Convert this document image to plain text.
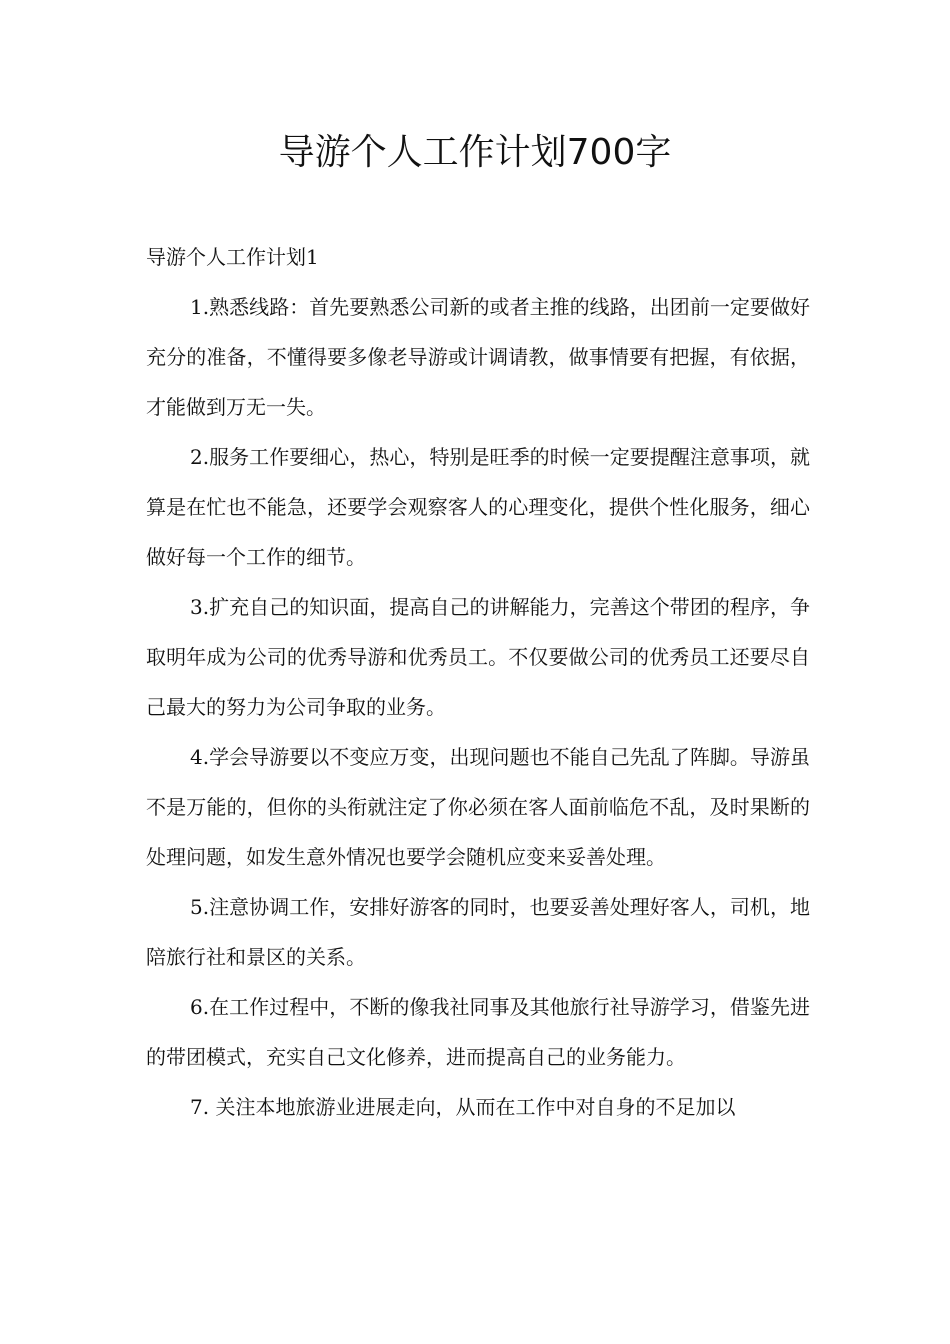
导游个人工作计划700字

导游个人工作计划1

1.熟悉线路：首先要熟悉公司新的或者主推的线路，出团前一定要做好充分的准备，不懂得要多像老导游或计调请教，做事情要有把握，有依据，才能做到万无一失。

2.服务工作要细心，热心，特别是旺季的时候一定要提醒注意事项，就算是在忙也不能急，还要学会观察客人的心理变化，提供个性化服务，细心做好每一个工作的细节。

3.扩充自己的知识面，提高自己的讲解能力，完善这个带团的程序，争取明年成为公司的优秀导游和优秀员工。不仅要做公司的优秀员工还要尽自己最大的努力为公司争取的业务。

4.学会导游要以不变应万变，出现问题也不能自己先乱了阵脚。导游虽不是万能的，但你的头衔就注定了你必须在客人面前临危不乱，及时果断的处理问题，如发生意外情况也要学会随机应变来妥善处理。

5.注意协调工作，安排好游客的同时，也要妥善处理好客人，司机，地陪旅行社和景区的关系。

6.在工作过程中，不断的像我社同事及其他旅行社导游学习，借鉴先进的带团模式，充实自己文化修养，进而提高自己的业务能力。

7. 关注本地旅游业进展走向，从而在工作中对自身的不足加以
